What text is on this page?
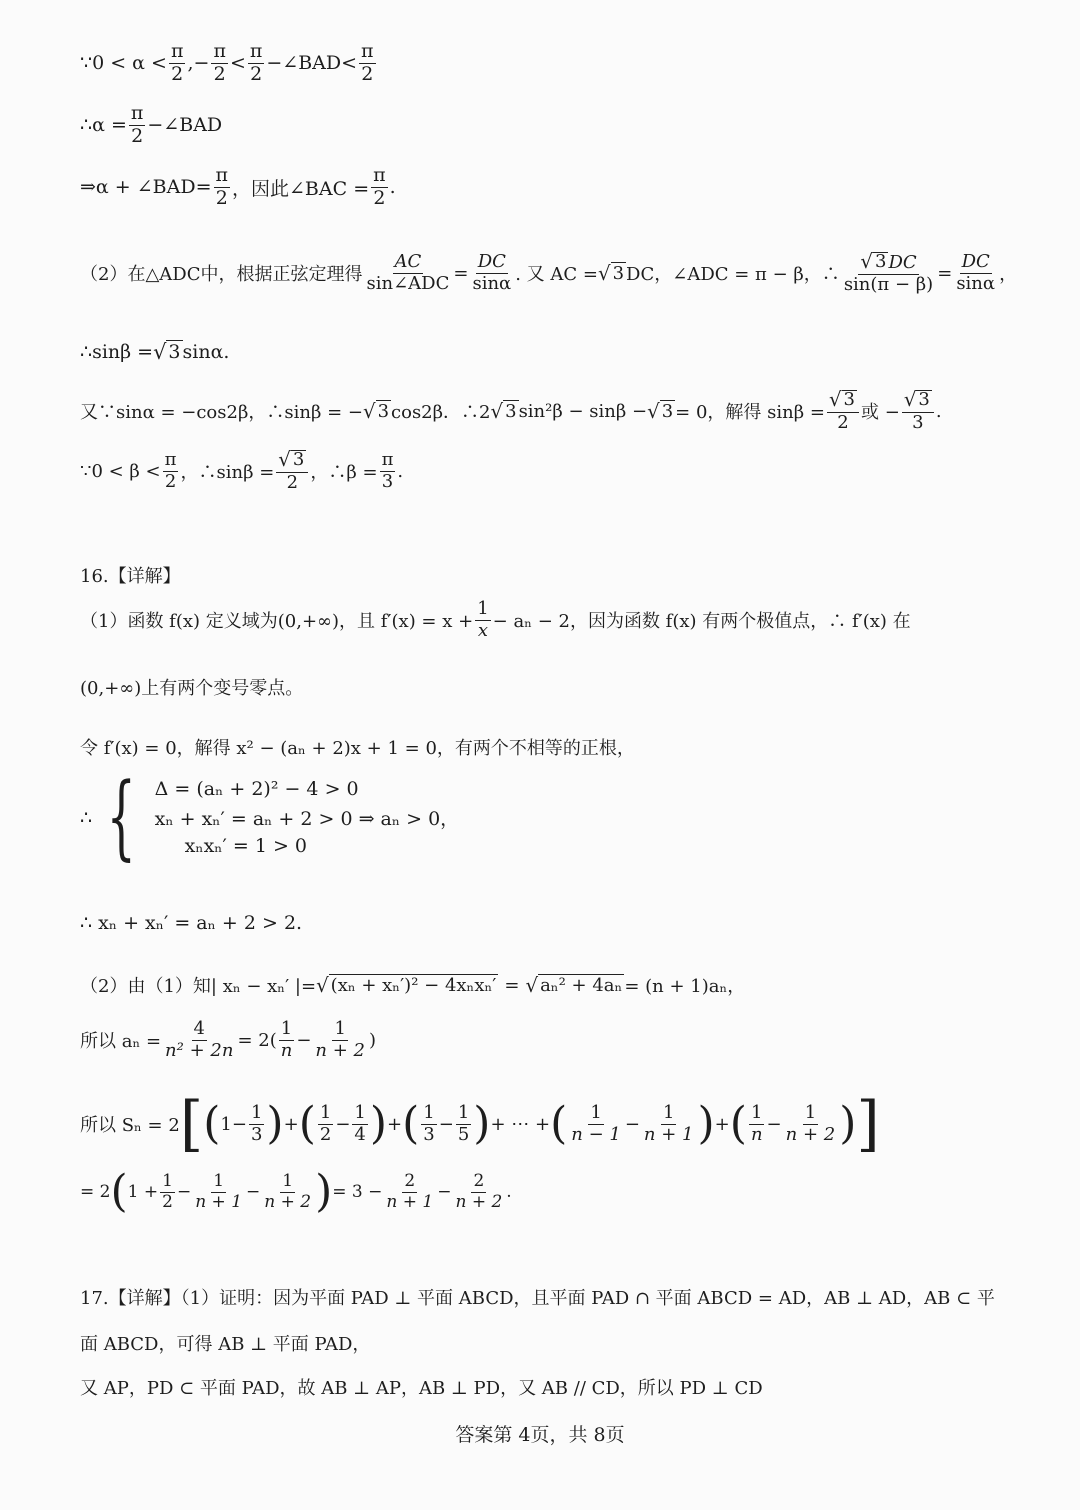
∵0 < $\alpha < \frac{\pi}{2}$ ,− $\frac{\pi}{2} < \frac{\pi}{2}$ −∠BAD< $\frac{\pi}{2}$
∴α = $\frac{\pi}{2}$ −∠BAD
⇒α + ∠BAD= $\frac{\pi}{2}$ ，因此∠BAC = $\frac{\pi}{2}$ .
（2）在△ADC中，根据正弦定理得 $\frac{AC}{\text{sin∠ADC}} = \frac{DC}{\sin\alpha}$ . 又 AC = √ 3 DC，∠ADC = π − β，∴ $\frac{√ 3 DC}{\sin(\pi - \beta)} = \frac{DC}{\sin\alpha}$ ，
∴sinβ = √ 3 sinα.
又∵sinα = −cos2β，∴sinβ = − √ 3 cos2β．∴2 √ 3 sin²β − sinβ − √ 3 = 0，解得 $\sin\beta = \frac{√ 3}{2}$ 或 − $\frac{√ 3}{3}$ .
∵0 < $\beta < \frac{\pi}{2}$ ，∴sinβ = $\frac{√ 3}{2}$ ，∴β = $\frac{\pi}{3}$ .
16.【详解】
（1）函数 f(x) 定义域为(0,+∞)，且 $f'(x) = x + \frac{1}{x} - a_n - 2$，因为函数 f(x) 有两个极值点，∴ f′(x) 在
(0,+∞)上有两个变号零点。
令 f′(x) = 0，解得 x² − (aₙ + 2)x + 1 = 0，有两个不相等的正根，
∴ { Δ = (aₙ + 2)² − 4 > 0
xₙ + xₙ′ = aₙ + 2 > 0 ⇒ aₙ > 0，
xₙxₙ′ = 1 > 0
∴ xₙ + xₙ′ = aₙ + 2 > 2.
（2）由（1）知| xₙ − xₙ′ |= √ (xₙ + xₙ′)² − 4xₙxₙ′ = √ aₙ² + 4aₙ = (n + 1)aₙ，
所以 $a_n = \frac{4}{\text{n² + 2n}} = 2( \frac{1}{n} - \frac{1}{n + 2}$ )
所以 Sₙ = 2 [ ( $1- \frac{1}{3}$ ) + ( $\frac{1}{2} - \frac{1}{4}$ ) + ( $\frac{1}{3} - \frac{1}{5}$ ) + ⋯ + ( $\frac{1}{n - 1} - \frac{1}{n + 1}$ ) + ( $\frac{1}{n} - \frac{1}{n + 2}$ ) ]
= 2 ( $1 + \frac{1}{2} - \frac{1}{n + 1} - \frac{1}{n + 2}$ ) = $3 - \frac{2}{n + 1} - \frac{2}{n + 2}$ .
17.【详解】（1）证明：因为平面 PAD ⊥ 平面 ABCD，且平面 PAD ∩ 平面 ABCD = AD，AB ⊥ AD，AB ⊂ 平
面 ABCD，可得 AB ⊥ 平面 PAD，
又 AP，PD ⊂ 平面 PAD，故 AB ⊥ AP，AB ⊥ PD，又 AB // CD，所以 PD ⊥ CD
答案第 4页，共 8页
